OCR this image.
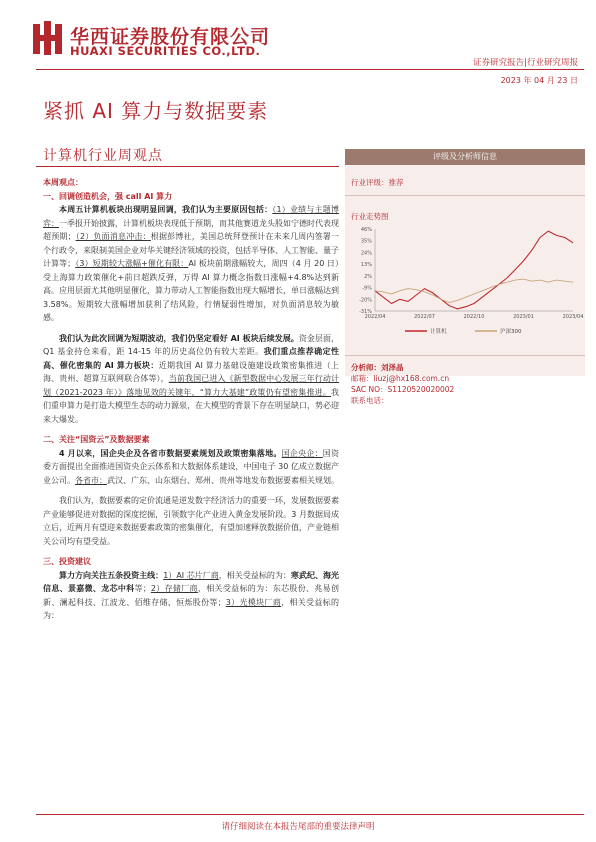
华西证券股份有限公司
HUAXI SECURITIES CO.,LTD.
证券研究报告|行业研究周报
2023 年 04 月 23 日
紧抓 AI 算力与数据要素
计算机行业周观点

本周观点：

一、回调创造机会，强 call AI 算力

本周五计算机板块出现明显回调，我们认为主要原因包括：（1）业绩与主题博弈：一季报开始披露，计算机板块表现低于预期，而其他赛道龙头股如宁德时代表现超预期；（2）负面消息冲击：根据彭博社，美国总统拜登预计在未来几周内签署一个行政令，来限制美国企业对华关键经济领域的投资，包括半导体、人工智能、量子计算等；（3）短期较大涨幅+催化有限：AI 板块前期涨幅较大，周四（4 月 20 日）受上海算力政策催化+前日超跌反弹，万得 AI 算力概念指数日涨幅+4.8%达到新高。应用层面尤其他明显催化，算力带动人工智能指数出现大幅增长，单日涨幅达到 3.58%。短期较大涨幅增加获利了结风险，行情疑弱性增加，对负面消息较为敏感。

我们认为此次回调为短期波动，我们仍坚定看好 AI 板块后续发展。资金层面，Q1 基金持仓来看，距 14-15 年的历史高位仍有较大差距。我们重点推荐确定性高、催化密集的 AI 算力板块：近期我国 AI 算力基础设施建设政策密集推进（上海、贵州、超算互联网联合体等），当前我国已进入《新型数据中心发展三年行动计划（2021-2023 年）》落地见效的关键年，“算力大基建”政策仍有望密集推进。我们重申算力是打造大模型生态的动力源泉，在大模型的背景下存在明显缺口，势必迎来大爆发。

二、关注“国资云”及数据要素

4 月以来，国企央企及各省市数据要素规划及政策密集落地。国企央企：国资委方面提出全面推进国资央企云体系和大数据体系建设，中国电子 30 亿成立数据产业公司。各省市：武汉、广东、山东烟台、郑州、贵州等地发布数据要素相关规划。

我们认为，数据要素的定价流通是逆发数字经济活力的重要一环，发展数据要素产业能够促进对数据的深度挖掘，引领数字化产业进入黄金发展阶段。3 月数据局成立后，近两月有望迎来数据要素政策的密集催化，有望加速释放数据价值，产业链相关公司均有望受益。

三、投资建议

算力方向关注五条投资主线：1）AI 芯片厂商，相关受益标的为：寒武纪、海光信息、景嘉微、龙芯中科等；2）存储厂商，相关受益标的为：东芯股份、兆易创新、澜起科技、江波龙、佰维存储、恒烁股份等；3）光模块厂商，相关受益标的为：

评级及分析师信息
行业评级：推荐
行业走势图
46%
35%
24%
13%
2%
-9%
-20%
-31%
2022/04	2022/07	2022/10	2023/01	2023/04
计算机	沪深300
分析师：刘泽晶
邮箱：liuzj@hx168.com.cn
SAC NO：S1120520020002
联系电话：
请仔细阅读在本报告尾部的重要法律声明
